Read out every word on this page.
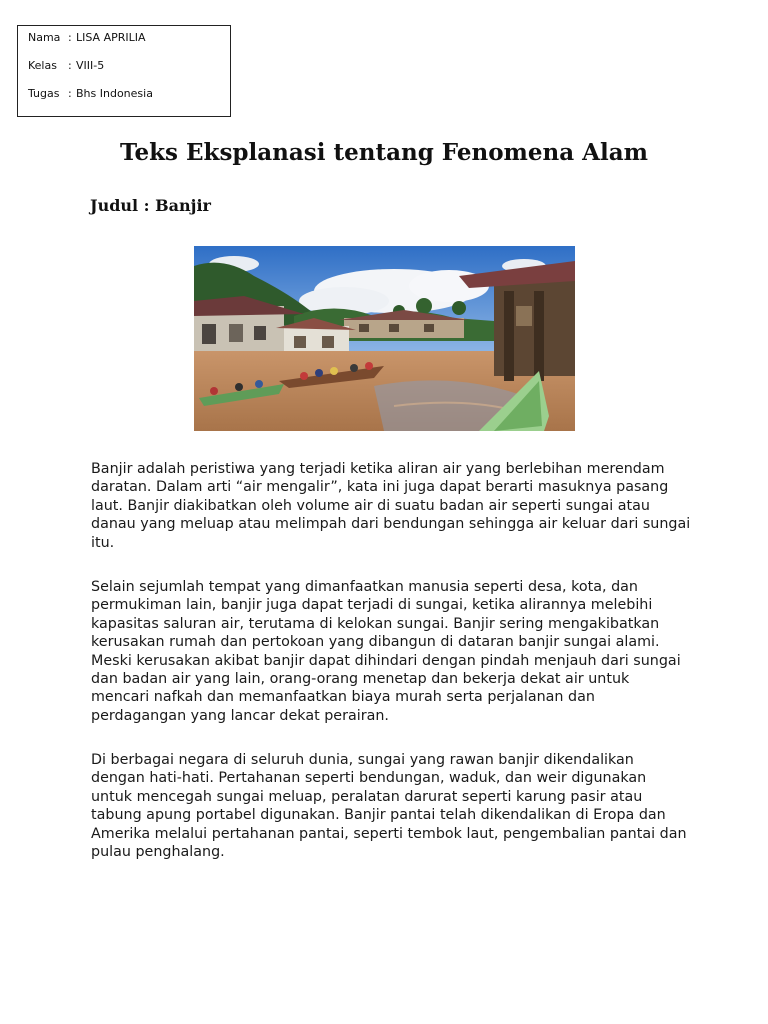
Nama : LISA APRILIA
Kelas	: VIII-5
Tugas : Bhs Indonesia
Teks Eksplanasi tentang Fenomena Alam
Judul : Banjir

Banjir adalah peristiwa yang terjadi ketika aliran air yang berlebihan merendam daratan. Dalam arti “air mengalir”, kata ini juga dapat berarti masuknya pasang laut. Banjir diakibatkan oleh volume air di suatu badan air seperti sungai atau danau yang meluap atau melimpah dari bendungan sehingga air keluar dari sungai itu.

Selain sejumlah tempat yang dimanfaatkan manusia seperti desa, kota, dan permukiman lain, banjir juga dapat terjadi di sungai, ketika alirannya melebihi kapasitas saluran air, terutama di kelokan sungai. Banjir sering mengakibatkan kerusakan rumah dan pertokoan yang dibangun di dataran banjir sungai alami. Meski kerusakan akibat banjir dapat dihindari dengan pindah menjauh dari sungai dan badan air yang lain, orang-orang menetap dan bekerja dekat air untuk mencari nafkah dan memanfaatkan biaya murah serta perjalanan dan perdagangan yang lancar dekat perairan.

Di berbagai negara di seluruh dunia, sungai yang rawan banjir dikendalikan dengan hati-hati. Pertahanan seperti bendungan, waduk, dan weir digunakan untuk mencegah sungai meluap, peralatan darurat seperti karung pasir atau tabung apung portabel digunakan. Banjir pantai telah dikendalikan di Eropa dan Amerika melalui pertahanan pantai, seperti tembok laut, pengembalian pantai dan pulau penghalang.
